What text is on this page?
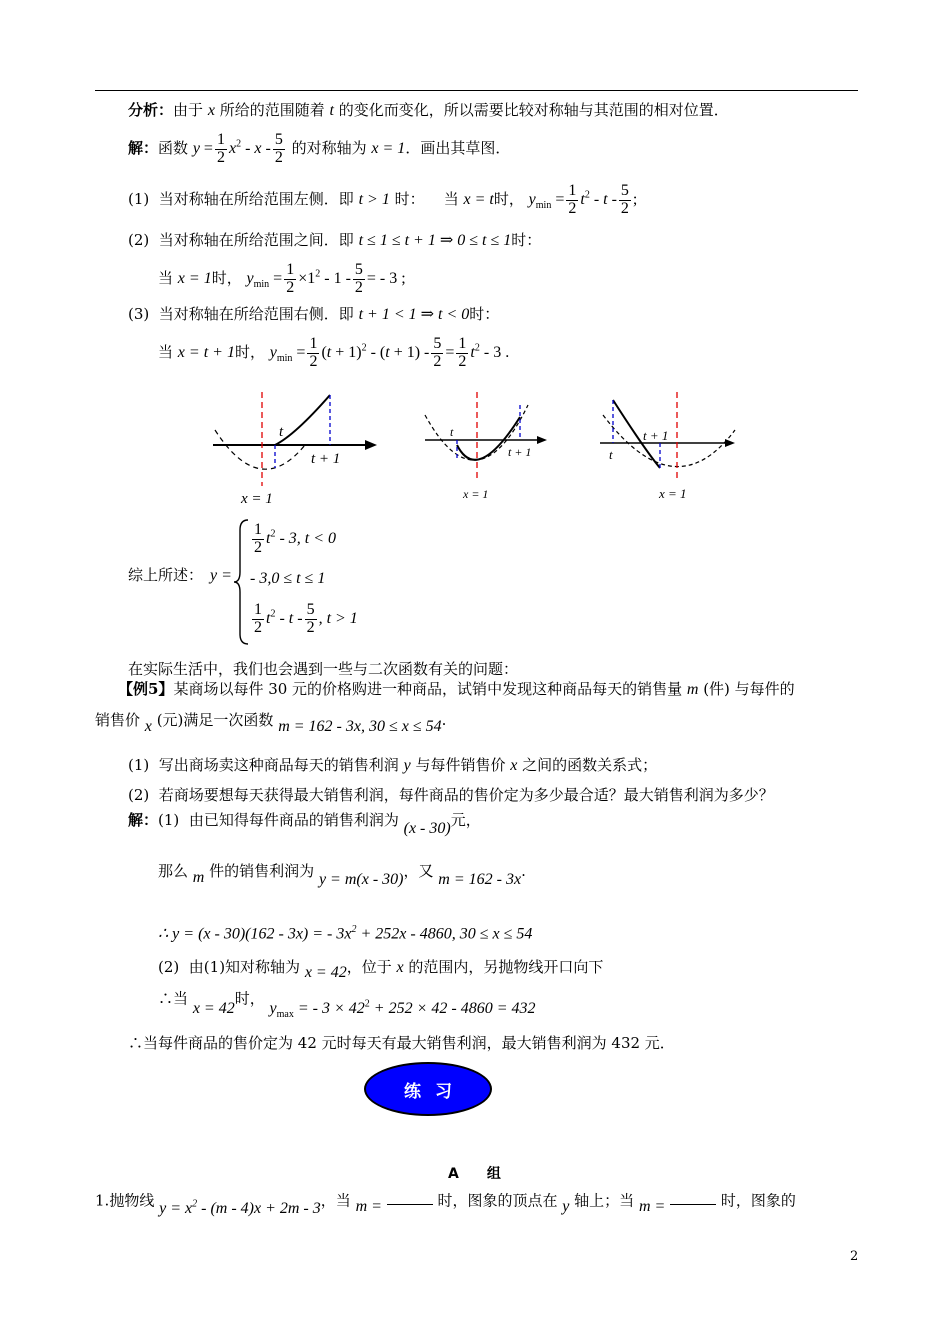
分析：由于 x 所给的范围随着 t 的变化而变化，所以需要比较对称轴与其范围的相对位置．
解：函数 $y = \frac{1}{2} x^2 - x - \frac{5}{2}$ 的对称轴为 x = 1．画出其草图．
(1) 当对称轴在所给范围左侧．即 t > 1 时： 当 x = t时， $y_{min} = \frac{1}{2} t^2 - t - \frac{5}{2}$ ;
(2) 当对称轴在所给范围之间．即 t ≤ 1 ≤ t + 1 ⇒ 0 ≤ t ≤ 1时：
当 x = 1时， $y_{min} = \frac{1}{2} \times 1^2 - 1 - \frac{5}{2}$ = - 3 ;
(3) 当对称轴在所给范围右侧．即 t + 1 < 1 ⇒ t < 0时：
当 x = t + 1时， $y_{min} = \frac{1}{2} (t + 1)^2 - (t + 1) - \frac{5}{2} = \frac{1}{2} t^2 - 3$ .
t
t + 1
x = 1
t
t + 1
x = 1
t
t + 1
x = 1
综上所述： y =
$\frac{1}{2} t^2 - 3$, t < 0
- 3,0 ≤ t ≤ 1
$\frac{1}{2} t^2$ - t - $\frac{5}{2}$ , t > 1
在实际生活中，我们也会遇到一些与二次函数有关的问题：
【例5】某商场以每件 30 元的价格购进一种商品，试销中发现这种商品每天的销售量 m (件) 与每件的
销售价 x (元)满足一次函数 m = 162 - 3x, 30 ≤ x ≤ 54.
(1) 写出商场卖这种商品每天的销售利润 y 与每件销售价 x 之间的函数关系式；
(2) 若商场要想每天获得最大销售利润，每件商品的售价定为多少最合适？最大销售利润为多少？
解：(1) 由已知得每件商品的销售利润为 (x - 30)元，
那么 m 件的销售利润为 y = m(x - 30)，又 m = 162 - 3x.
∴ y = (x - 30)(162 - 3x) = - $3x^2 + 252x - 4860$, 30 ≤ x ≤ 54
(2) 由(1)知对称轴为 x = 42，位于 x 的范围内，另抛物线开口向下
∴当 x = 42时， $y_{max}$ = - $3 \times 42^2 + 252 \times 42 - 4860 = 432$
∴当每件商品的售价定为 42 元时每天有最大销售利润，最大销售利润为 432 元．
练习
A　　组
1.抛物线 $y = x^2 - (m - 4)x + 2m - 3$，当 m =	时，图象的顶点在 y 轴上；当 m =	时，图象的
2
